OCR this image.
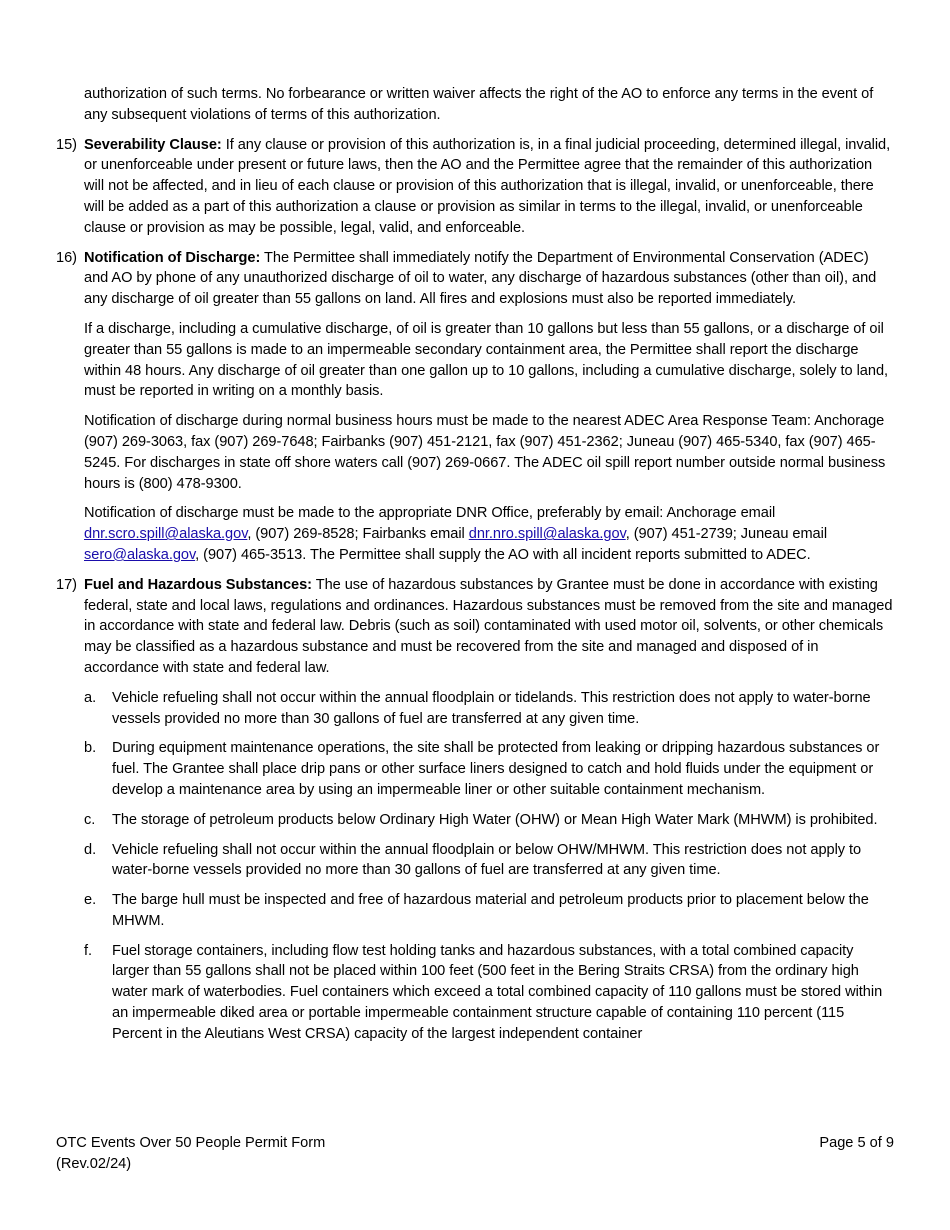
authorization of such terms. No forbearance or written waiver affects the right of the AO to enforce any terms in the event of any subsequent violations of terms of this authorization.

15) Severability Clause: If any clause or provision of this authorization is, in a final judicial proceeding, determined illegal, invalid, or unenforceable under present or future laws, then the AO and the Permittee agree that the remainder of this authorization will not be affected, and in lieu of each clause or provision of this authorization that is illegal, invalid, or unenforceable, there will be added as a part of this authorization a clause or provision as similar in terms to the illegal, invalid, or unenforceable clause or provision as may be possible, legal, valid, and enforceable.

16) Notification of Discharge: The Permittee shall immediately notify the Department of Environmental Conservation (ADEC) and AO by phone of any unauthorized discharge of oil to water, any discharge of hazardous substances (other than oil), and any discharge of oil greater than 55 gallons on land. All fires and explosions must also be reported immediately.

If a discharge, including a cumulative discharge, of oil is greater than 10 gallons but less than 55 gallons, or a discharge of oil greater than 55 gallons is made to an impermeable secondary containment area, the Permittee shall report the discharge within 48 hours. Any discharge of oil greater than one gallon up to 10 gallons, including a cumulative discharge, solely to land, must be reported in writing on a monthly basis.

Notification of discharge during normal business hours must be made to the nearest ADEC Area Response Team: Anchorage (907) 269-3063, fax (907) 269-7648; Fairbanks (907) 451-2121, fax (907) 451-2362; Juneau (907) 465-5340, fax (907) 465-5245. For discharges in state off shore waters call (907) 269-0667. The ADEC oil spill report number outside normal business hours is (800) 478-9300.

Notification of discharge must be made to the appropriate DNR Office, preferably by email: Anchorage email dnr.scro.spill@alaska.gov, (907) 269-8528; Fairbanks email dnr.nro.spill@alaska.gov, (907) 451-2739; Juneau email sero@alaska.gov, (907) 465-3513. The Permittee shall supply the AO with all incident reports submitted to ADEC.

17) Fuel and Hazardous Substances: The use of hazardous substances by Grantee must be done in accordance with existing federal, state and local laws, regulations and ordinances. Hazardous substances must be removed from the site and managed in accordance with state and federal law. Debris (such as soil) contaminated with used motor oil, solvents, or other chemicals may be classified as a hazardous substance and must be recovered from the site and managed and disposed of in accordance with state and federal law.

a.	Vehicle refueling shall not occur within the annual floodplain or tidelands. This restriction does not apply to water-borne vessels provided no more than 30 gallons of fuel are transferred at any given time.
b.	During equipment maintenance operations, the site shall be protected from leaking or dripping hazardous substances or fuel. The Grantee shall place drip pans or other surface liners designed to catch and hold fluids under the equipment or develop a maintenance area by using an impermeable liner or other suitable containment mechanism.
c.	The storage of petroleum products below Ordinary High Water (OHW) or Mean High Water Mark (MHWM) is prohibited.
d.	Vehicle refueling shall not occur within the annual floodplain or below OHW/MHWM. This restriction does not apply to water-borne vessels provided no more than 30 gallons of fuel are transferred at any given time.
e.	The barge hull must be inspected and free of hazardous material and petroleum products prior to placement below the MHWM.
f.	Fuel storage containers, including flow test holding tanks and hazardous substances, with a total combined capacity larger than 55 gallons shall not be placed within 100 feet (500 feet in the Bering Straits CRSA) from the ordinary high water mark of waterbodies. Fuel containers which exceed a total combined capacity of 110 gallons must be stored within an impermeable diked area or portable impermeable containment structure capable of containing 110 percent (115 Percent in the Aleutians West CRSA) capacity of the largest independent container
OTC Events Over 50 People Permit Form
(Rev.02/24)
Page 5 of 9
